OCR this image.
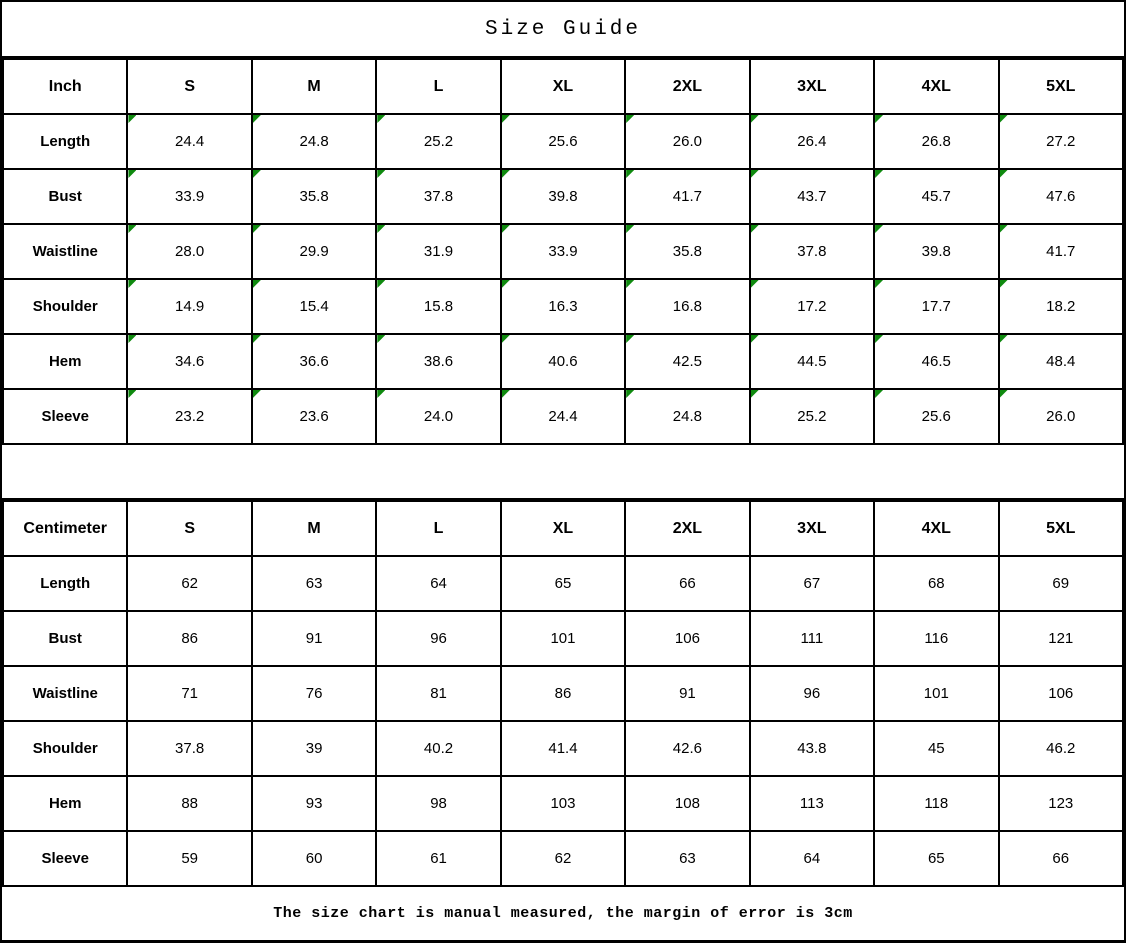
Size Guide
Inch	S	M	L	XL	2XL	3XL	4XL	5XL
Length	24.4	24.8	25.2	25.6	26.0	26.4	26.8	27.2
Bust	33.9	35.8	37.8	39.8	41.7	43.7	45.7	47.6
Waistline	28.0	29.9	31.9	33.9	35.8	37.8	39.8	41.7
Shoulder	14.9	15.4	15.8	16.3	16.8	17.2	17.7	18.2
Hem	34.6	36.6	38.6	40.6	42.5	44.5	46.5	48.4
Sleeve	23.2	23.6	24.0	24.4	24.8	25.2	25.6	26.0
Centimeter	S	M	L	XL	2XL	3XL	4XL	5XL
Length	62	63	64	65	66	67	68	69
Bust	86	91	96	101	106	111	116	121
Waistline	71	76	81	86	91	96	101	106
Shoulder	37.8	39	40.2	41.4	42.6	43.8	45	46.2
Hem	88	93	98	103	108	113	118	123
Sleeve	59	60	61	62	63	64	65	66
The size chart is manual measured, the margin of error is 3cm
